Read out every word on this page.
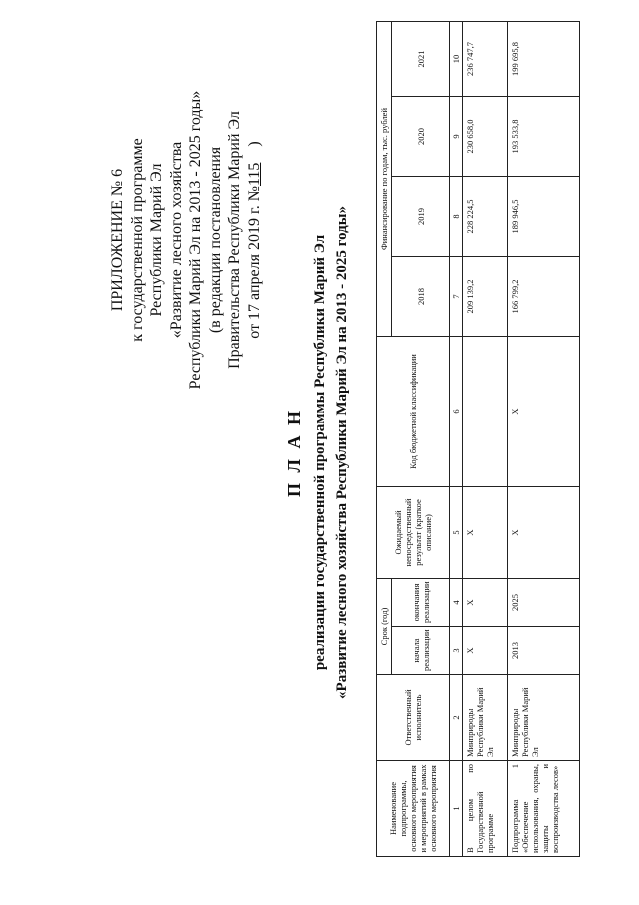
ПРИЛОЖЕНИЕ № 6 к государственной программе Республики Марий Эл «Развитие лесного хозяйства Республики Марий Эл на 2013 - 2025 годы» (в редакции постановления Правительства Республики Марий Эл от 17 апреля 2019 г. №115    )
П Л А Н реализации государственной программы Республики Марий Эл «Развитие лесного хозяйства Республики Марий Эл на 2013 - 2025 годы»
Наименование подпрограммы, основного мероприятия и мероприятий в рамках основного мероприятия	Ответственный исполнитель	Срок (год)		Ожидаемый непосредственный результат (краткое описание)	Код бюджетной классификации	Финансирование по годам, тыс. рублей			
		начала реализации	окончания реализации			2018	2019	2020	2021
1	2	3	4	5	6	7	8	9	10
В целом по Государственной программе	Минприроды Республики Марий Эл	Х	Х	Х		209 139,2	228 224,5	230 658,0	236 747,7
Подпрограмма 1 «Обеспечение использования, охраны, защиты и воспроизводства лесов»	Минприроды Республики Марий Эл	2013	2025	Х	Х	166 799,2	189 946,5	193 533,8	199 695,8
